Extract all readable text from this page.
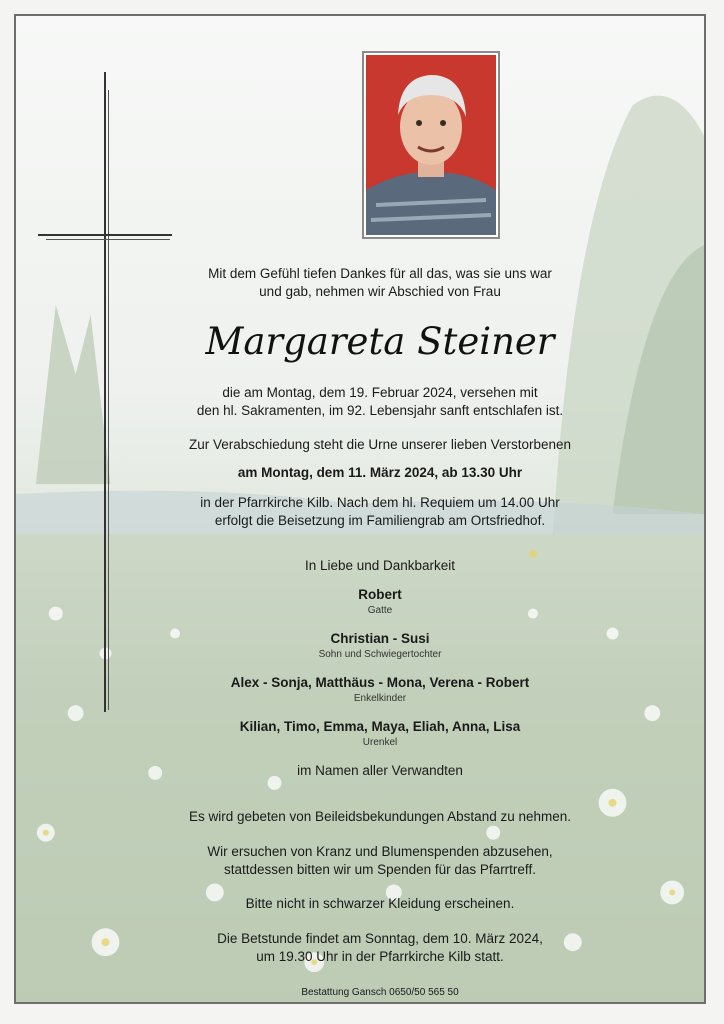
Mit dem Gefühl tiefen Dankes für all das, was sie uns war
und gab, nehmen wir Abschied von Frau
Margareta Steiner
die am Montag, dem 19. Februar 2024, versehen mit
den hl. Sakramenten, im 92. Lebensjahr sanft entschlafen ist.
Zur Verabschiedung steht die Urne unserer lieben Verstorbenen
am Montag, dem 11. März 2024, ab 13.30 Uhr
in der Pfarrkirche Kilb. Nach dem hl. Requiem um 14.00 Uhr
erfolgt die Beisetzung im Familiengrab am Ortsfriedhof.
In Liebe und Dankbarkeit
Robert
Gatte
Christian - Susi
Sohn und Schwiegertochter
Alex - Sonja, Matthäus - Mona, Verena - Robert
Enkelkinder
Kilian, Timo, Emma, Maya, Eliah, Anna, Lisa
Urenkel
im Namen aller Verwandten
Es wird gebeten von Beileidsbekundungen Abstand zu nehmen.
Wir ersuchen von Kranz und Blumenspenden abzusehen,
stattdessen bitten wir um Spenden für das Pfarrtreff.
Bitte nicht in schwarzer Kleidung erscheinen.
Die Betstunde findet am Sonntag, dem 10. März 2024,
um 19.30 Uhr in der Pfarrkirche Kilb statt.
Bestattung Gansch 0650/50 565 50
